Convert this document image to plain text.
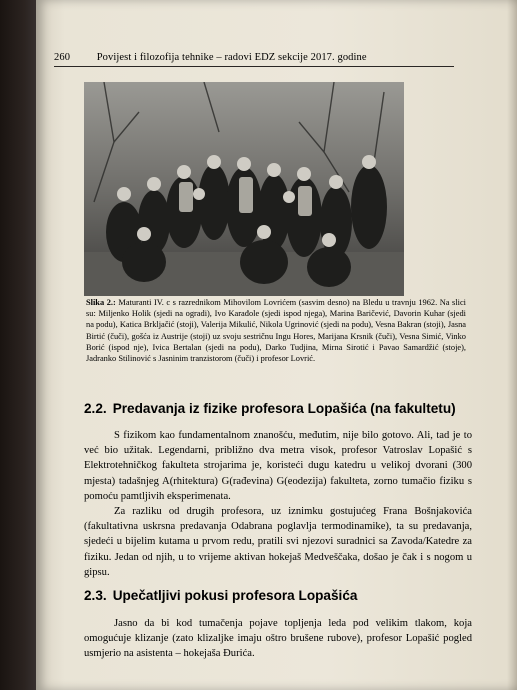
260	Povijest i filozofija tehnike – radovi EDZ sekcije 2017. godine
Slika 2.: Maturanti IV. c s razrednikom Mihovilom Lovrićem (sasvim desno) na Bledu u travnju 1962. Na slici su: Miljenko Holik (sjedi na ogradi), Ivo Karađole (sjedi ispod njega), Marina Baričević, Davorin Kuhar (sjedi na podu), Katica Brkljačić (stoji), Valerija Mikulić, Nikola Ugrinović (sjedi na podu), Vesna Bakran (stoji), Jasna Birtić (čuči), gošća iz Austrije (stoji) uz svoju sestričnu Ingu Hores, Marijana Krsnik (čuči), Vesna Simić, Vinko Borić (ispod nje), Ivica Bertalan (sjedi na podu), Darko Tudjina, Mirna Sirotić i Pavao Samardžić (stoje), Jadranko Stilinović s Jasninim tranzistorom (čuči) i profesor Lovrić.
2.2. Predavanja iz fizike profesora Lopašića (na fakultetu)

S fizikom kao fundamentalnom znanošću, međutim, nije bilo gotovo. Ali, tad je to već bio užitak. Legendarni, približno dva metra visok, profesor Vatroslav Lopašić s Elektrotehničkog fakulteta strojarima je, koristeći dugu katedru u velikoj dvorani (300 mjesta) tadašnjeg A(rhitektura) G(rađevina) G(eodezija) fakulteta, zorno tumačio fiziku s pomoću pamtljivih eksperimenata.

Za razliku od drugih profesora, uz iznimku gostujućeg Frana Bošnjakovića (fakultativna uskrsna predavanja Odabrana poglavlja termodinamike), ta su predavanja, sjedeći u bijelim kutama u prvom redu, pratili svi njezovi suradnici sa Zavoda/Katedre za fiziku. Jedan od njih, u to vrijeme aktivan hokejaš Medveščaka, došao je čak i s nogom u gipsu.

2.3. Upečatljivi pokusi profesora Lopašića

Jasno da bi kod tumačenja pojave topljenja leda pod velikim tlakom, koja omogućuje klizanje (zato klizaljke imaju oštro brušene rubove), profesor Lopašić pogled usmjerio na asistenta – hokejaša Đurića.
